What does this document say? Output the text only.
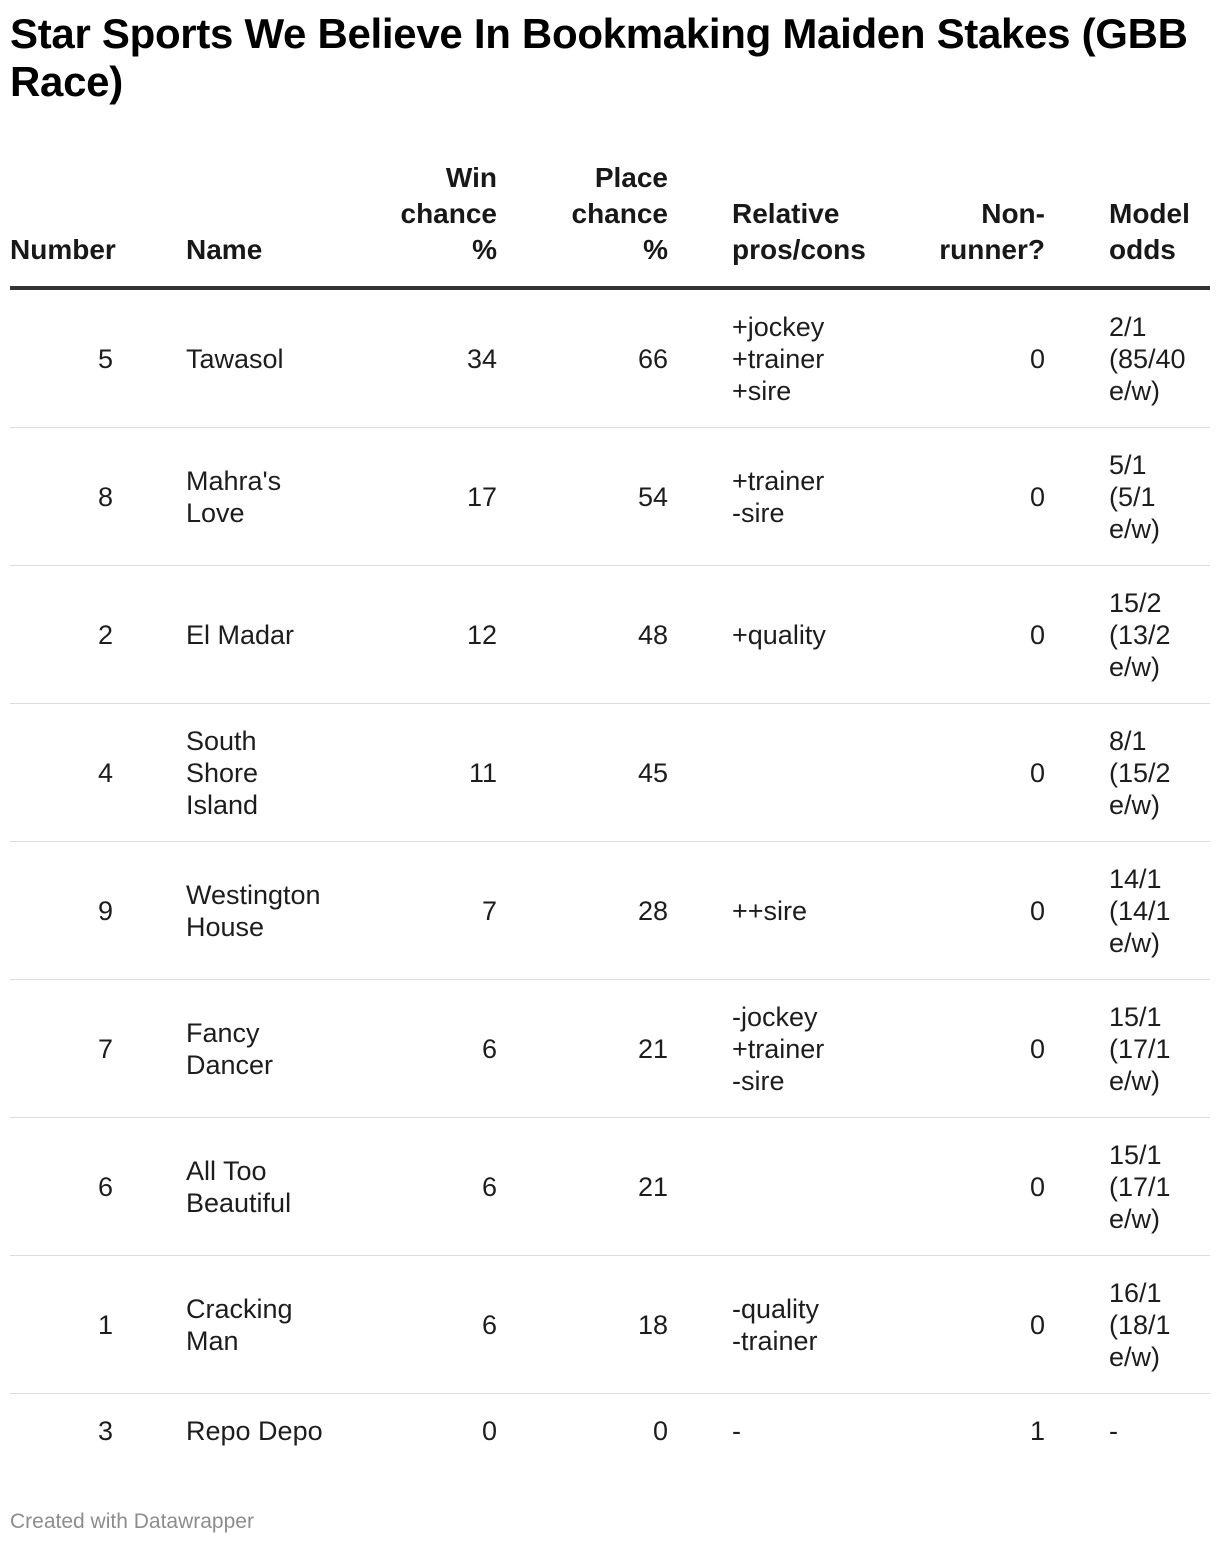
Star Sports We Believe In Bookmaking Maiden Stakes (GBB Race)
Number		Name	Win
chance
%		Place
chance
%		Relative
pros/cons	Non-
runner?		Model
odds

5		Tawasol	34		66		+jockey
+trainer
+sire	0		2/1
(85/40
e/w)

8		Mahra's
Love	17		54		+trainer
-sire	0		5/1
(5/1
e/w)

2		El Madar	12		48		+quality	0		15/2
(13/2
e/w)

4		South
Shore
Island	11		45			0		8/1
(15/2
e/w)

9		Westington
House	7		28		++sire	0		14/1
(14/1
e/w)

7		Fancy
Dancer	6		21		-jockey
+trainer
-sire	0		15/1
(17/1
e/w)

6		All Too
Beautiful	6		21			0		15/1
(17/1
e/w)

1		Cracking
Man	6		18		-quality
-trainer	0		16/1
(18/1
e/w)

3		Repo Depo	0		0		-	1		-
Created with Datawrapper
